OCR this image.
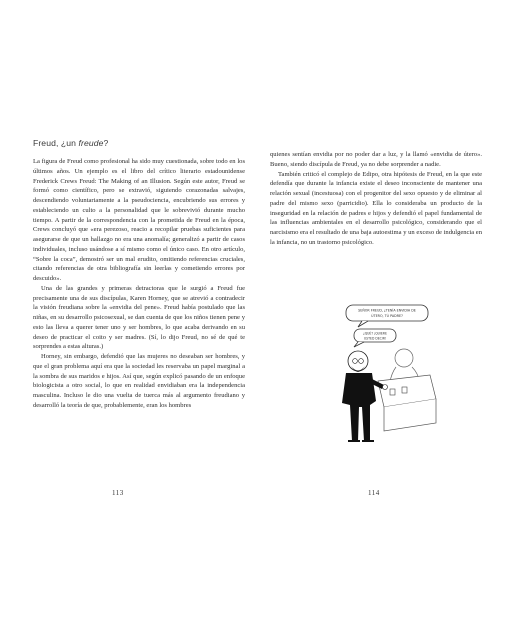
Freud, ¿un freude?

La figura de Freud como profesional ha sido muy cuestionada, sobre todo en los últimos años. Un ejemplo es el libro del crítico literario estadounidense Frederick Crews Freud: The Making of an Illusion. Según este autor, Freud se formó como científico, pero se extravió, siguiendo corazonadas salvajes, descendiendo voluntariamente a la pseudociencia, encubriendo sus errores y estableciendo un culto a la personalidad que le sobrevivió durante mucho tiempo. A partir de la correspondencia con la prometida de Freud en la época, Crews concluyó que «era perezoso, reacio a recopilar pruebas suficientes para asegurarse de que un hallazgo no era una anomalía; generalizó a partir de casos individuales, incluso usándose a sí mismo como el único caso. En otro artículo, “Sobre la coca”, demostró ser un mal erudito, omitiendo referencias cruciales, citando referencias de otra bibliografía sin leerlas y cometiendo errores por descuido».

Una de las grandes y primeras detractoras que le surgió a Freud fue precisamente una de sus discípulas, Karen Horney, que se atrevió a contradecir la visión freudiana sobre la «envidia del pene». Freud había postulado que las niñas, en su desarrollo psicosexual, se dan cuenta de que los niños tienen pene y esto las lleva a querer tener uno y ser hombres, lo que acaba derivando en su deseo de practicar el coito y ser madres. (Sí, lo dijo Freud, no sé de qué te sorprendes a estas alturas.)

Horney, sin embargo, defendió que las mujeres no deseaban ser hombres, y que el gran problema aquí era que la sociedad les reservaba un papel marginal a la sombra de sus maridos e hijos. Así que, según explicó pasando de un enfoque biologicista a otro social, lo que en realidad envidiaban era la independencia masculina. Incluso le dio una vuelta de tuerca más al argumento freudiano y desarrolló la teoría de que, probablemente, eran los hombres

quienes sentían envidia por no poder dar a luz, y la llamó «envidia de útero». Bueno, siendo discípula de Freud, ya no debe sorprender a nadie.

También criticó el complejo de Edipo, otra hipótesis de Freud, en la que este defendía que durante la infancia existe el deseo inconsciente de mantener una relación sexual (incestuosa) con el progenitor del sexo opuesto y de eliminar al padre del mismo sexo (parricidio). Ella lo consideraba un producto de la inseguridad en la relación de padres e hijos y defendió el papel fundamental de las influencias ambientales en el desarrollo psicológico, considerando que el narcisismo era el resultado de una baja autoestima y un exceso de indulgencia en la infancia, no un trastorno psicológico.

SEÑOR FREUD, ¿TENÍA ENVIDIA DE
ÚTERO, TÚ PADRE?
¿QUÉ? ¡QUIERE
USTED DECIR!
113	114
